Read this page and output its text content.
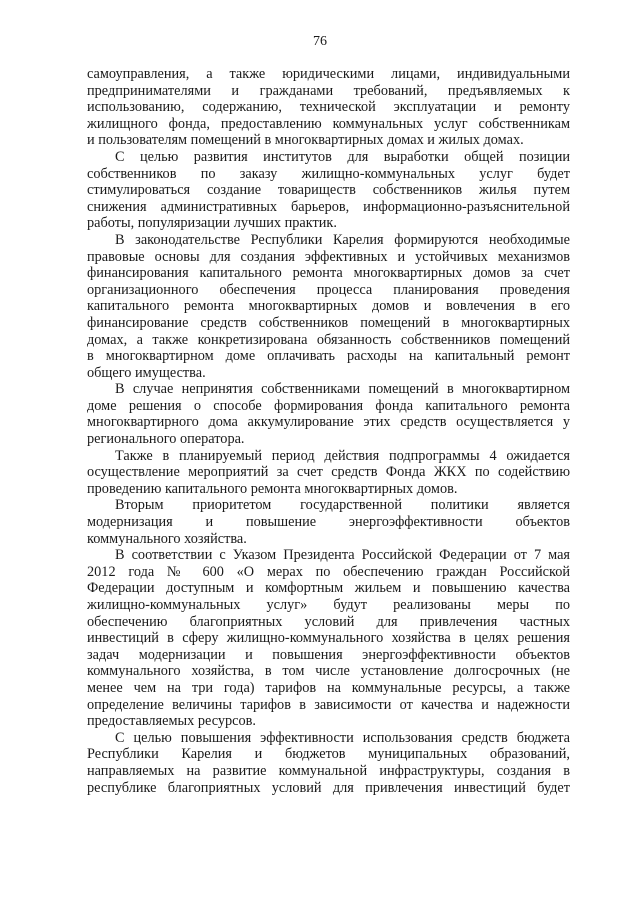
76
самоуправления, а также юридическими лицами, индивидуальными
предпринимателями и гражданами требований, предъявляемых к
использованию, содержанию, технической эксплуатации и ремонту
жилищного фонда, предоставлению коммунальных услуг собственникам
и пользователям помещений в многоквартирных домах и жилых домах.
С целью развития институтов для выработки общей позиции
собственников по заказу жилищно-коммунальных услуг будет
стимулироваться создание товариществ собственников жилья путем
снижения административных барьеров, информационно-разъяснительной
работы, популяризации лучших практик.
В законодательстве Республики Карелия формируются необходимые
правовые основы для создания эффективных и устойчивых механизмов
финансирования капитального ремонта многоквартирных домов за счет
организационного обеспечения процесса планирования проведения
капитального ремонта многоквартирных домов и вовлечения в его
финансирование средств собственников помещений в многоквартирных
домах, а также конкретизирована обязанность собственников помещений
в многоквартирном доме оплачивать расходы на капитальный ремонт
общего имущества.
В случае непринятия собственниками помещений в многоквартирном
доме решения о способе формирования фонда капитального ремонта
многоквартирного дома аккумулирование этих средств осуществляется у
регионального оператора.
Также в планируемый период действия подпрограммы 4 ожидается
осуществление мероприятий за счет средств Фонда ЖКХ по содействию
проведению капитального ремонта многоквартирных домов.
Вторым приоритетом государственной политики является
модернизация и повышение энергоэффективности объектов
коммунального хозяйства.
В соответствии с Указом Президента Российской Федерации от 7 мая
2012 года № 600 «О мерах по обеспечению граждан Российской
Федерации доступным и комфортным жильем и повышению качества
жилищно-коммунальных услуг» будут реализованы меры по
обеспечению благоприятных условий для привлечения частных
инвестиций в сферу жилищно-коммунального хозяйства в целях решения
задач модернизации и повышения энергоэффективности объектов
коммунального хозяйства, в том числе установление долгосрочных (не
менее чем на три года) тарифов на коммунальные ресурсы, а также
определение величины тарифов в зависимости от качества и надежности
предоставляемых ресурсов.
С целью повышения эффективности использования средств бюджета
Республики Карелия и бюджетов муниципальных образований,
направляемых на развитие коммунальной инфраструктуры, создания в
республике благоприятных условий для привлечения инвестиций будет
